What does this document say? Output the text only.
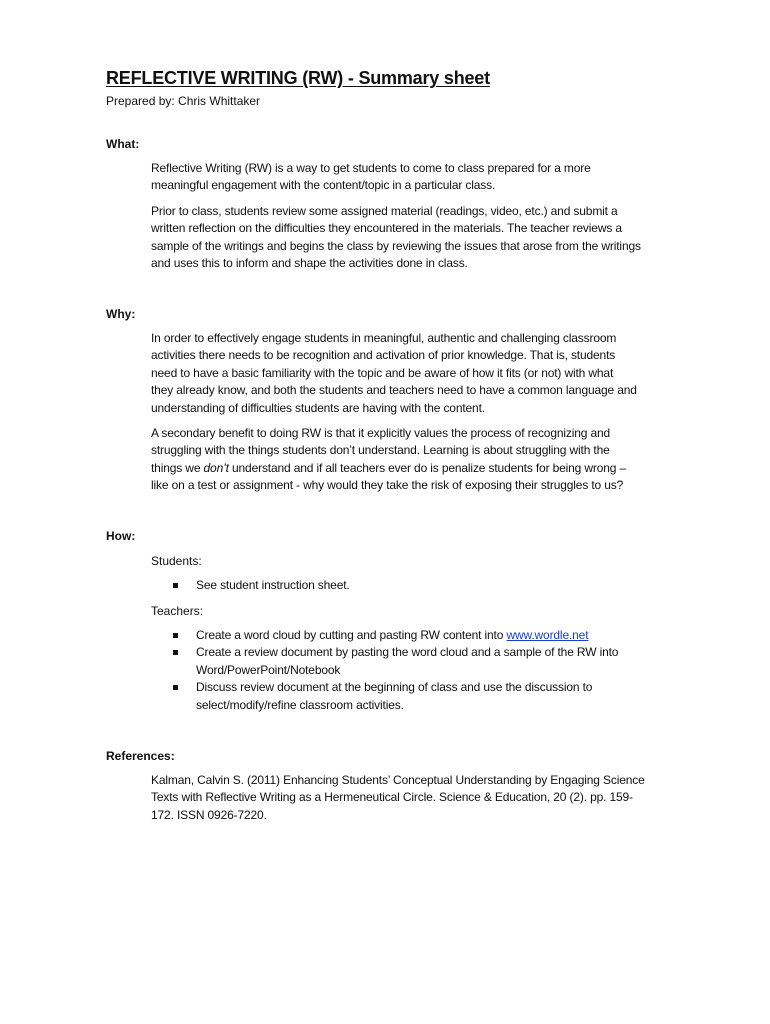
REFLECTIVE WRITING (RW) - Summary sheet
Prepared by: Chris Whittaker
What:
Reflective Writing (RW) is a way to get students to come to class prepared for a more
meaningful engagement with the content/topic in a particular class.
Prior to class, students review some assigned material (readings, video, etc.) and submit a
written reflection on the difficulties they encountered in the materials. The teacher reviews a
sample of the writings and begins the class by reviewing the issues that arose from the writings
and uses this to inform and shape the activities done in class.
Why:
In order to effectively engage students in meaningful, authentic and challenging classroom
activities there needs to be recognition and activation of prior knowledge. That is, students
need to have a basic familiarity with the topic and be aware of how it fits (or not) with what
they already know, and both the students and teachers need to have a common language and
understanding of difficulties students are having with the content.
A secondary benefit to doing RW is that it explicitly values the process of recognizing and
struggling with the things students don’t understand. Learning is about struggling with the
things we don’t understand and if all teachers ever do is penalize students for being wrong –
like on a test or assignment - why would they take the risk of exposing their struggles to us?
How:
Students:
See student instruction sheet.
Teachers:
Create a word cloud by cutting and pasting RW content into www.wordle.net
Create a review document by pasting the word cloud and a sample of the RW into
Word/PowerPoint/Notebook
Discuss review document at the beginning of class and use the discussion to
select/modify/refine classroom activities.
References:
Kalman, Calvin S. (2011) Enhancing Students’ Conceptual Understanding by Engaging Science
Texts with Reflective Writing as a Hermeneutical Circle. Science & Education, 20 (2). pp. 159-
172. ISSN 0926-7220.
